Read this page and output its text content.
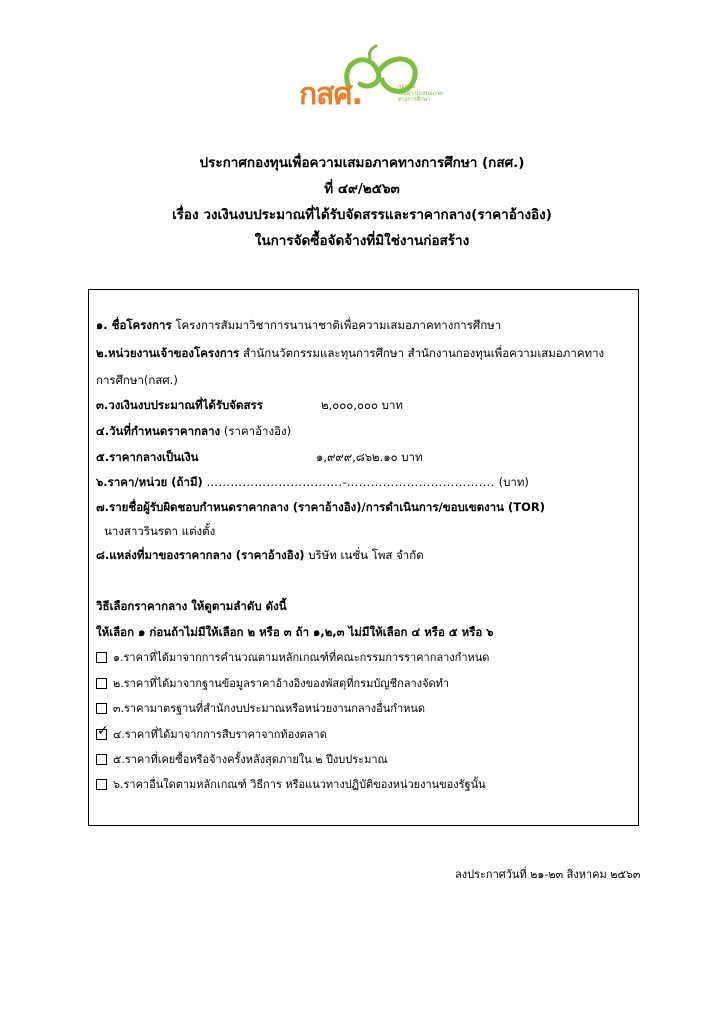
กสศ.	กองทุน
เพื่อความเสมอภาค
ทางการศึกษา
ประกาศกองทุนเพื่อความเสมอภาคทางการศึกษา (กสศ.)
ที่ ๔๙/๒๕๖๓
เรื่อง วงเงินงบประมาณที่ได้รับจัดสรรและราคากลาง(ราคาอ้างอิง)
ในการจัดซื้อจัดจ้างที่มิใช่งานก่อสร้าง
๑. ชื่อโครงการ โครงการสัมมาวิชาการนานาชาติเพื่อความเสมอภาคทางการศึกษา
๒.หน่วยงานเจ้าของโครงการ สำนักนวัตกรรมและทุนการศึกษา สำนักงานกองทุนเพื่อความเสมอภาคทาง
การศึกษา(กสศ.)
๓.วงเงินงบประมาณที่ได้รับจัดสรร	๒,๐๐๐,๐๐๐ บาท
๔.วันที่กำหนดราคากลาง (ราคาอ้างอิง)
๕.ราคากลางเป็นเงิน	๑,๙๙๙,๘๖๒.๑๐ บาท
๖.ราคา/หน่วย (ถ้ามี) …………………………….-………………………………. (บาท)
๗.รายชื่อผู้รับผิดชอบกำหนดราคากลาง (ราคาอ้างอิง)/การดำเนินการ/ขอบเขตงาน (TOR)
นางสาวรินรดา แต่งตั้ง
๘.แหล่งที่มาของราคากลาง (ราคาอ้างอิง) บริษัท เนชั่น โพส จำกัด
วิธีเลือกราคากลาง ให้ดูตามลำดับ ดังนี้
ให้เลือก ๑ ก่อนถ้าไม่มีให้เลือก ๒ หรือ ๓ ถ้า ๑,๒,๓ ไม่มีให้เลือก ๔ หรือ ๕ หรือ ๖
๑.ราคาที่ได้มาจากการคำนวณตามหลักเกณฑ์ที่คณะกรรมการราคากลางกำหนด
๒.ราคาที่ได้มาจากฐานข้อมูลราคาอ้างอิงของพัสดุที่กรมบัญชีกลางจัดทำ
๓.ราคามาตรฐานที่สำนักงบประมาณหรือหน่วยงานกลางอื่นกำหนด
✓ ๔.ราคาที่ได้มาจากการสืบราคาจากท้องตลาด
๕.ราคาที่เคยซื้อหรือจ้างครั้งหลังสุดภายใน ๒ ปีงบประมาณ
๖.ราคาอื่นใดตามหลักเกณฑ์ วิธีการ หรือแนวทางปฏิบัติของหน่วยงานของรัฐนั้น
ลงประกาศวันที่ ๒๑-๒๓ สิงหาคม ๒๕๖๓
